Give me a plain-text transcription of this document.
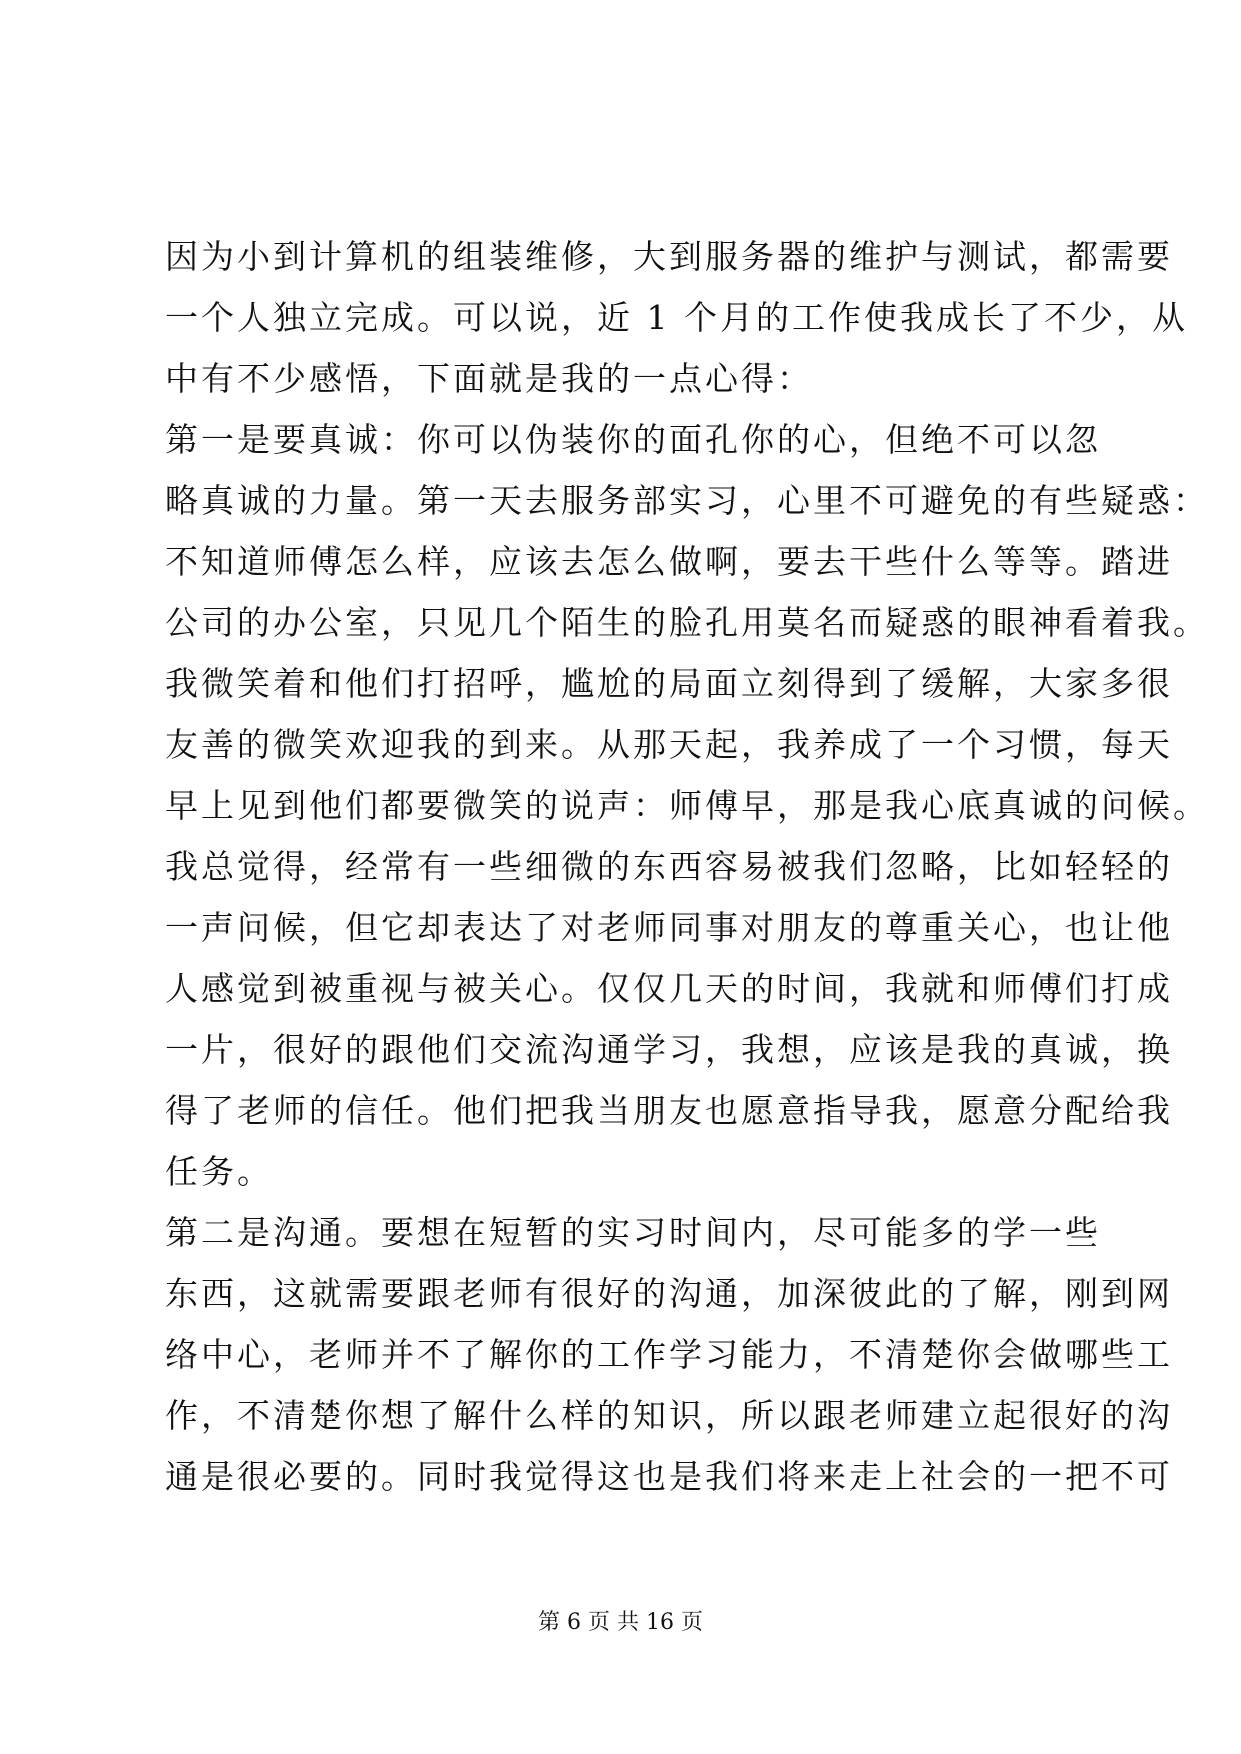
因为小到计算机的组装维修，大到服务器的维护与测试，都需要
一个人独立完成。可以说，近 1 个月的工作使我成长了不少，从
中有不少感悟，下面就是我的一点心得：
第一是要真诚：你可以伪装你的面孔你的心，但绝不可以忽
略真诚的力量。第一天去服务部实习，心里不可避免的有些疑惑：
不知道师傅怎么样，应该去怎么做啊，要去干些什么等等。踏进
公司的办公室，只见几个陌生的脸孔用莫名而疑惑的眼神看着我。
我微笑着和他们打招呼，尴尬的局面立刻得到了缓解，大家多很
友善的微笑欢迎我的到来。从那天起，我养成了一个习惯，每天
早上见到他们都要微笑的说声：师傅早，那是我心底真诚的问候。
我总觉得，经常有一些细微的东西容易被我们忽略，比如轻轻的
一声问候，但它却表达了对老师同事对朋友的尊重关心，也让他
人感觉到被重视与被关心。仅仅几天的时间，我就和师傅们打成
一片，很好的跟他们交流沟通学习，我想，应该是我的真诚，换
得了老师的信任。他们把我当朋友也愿意指导我，愿意分配给我
任务。
第二是沟通。要想在短暂的实习时间内，尽可能多的学一些
东西，这就需要跟老师有很好的沟通，加深彼此的了解，刚到网
络中心，老师并不了解你的工作学习能力，不清楚你会做哪些工
作，不清楚你想了解什么样的知识，所以跟老师建立起很好的沟
通是很必要的。同时我觉得这也是我们将来走上社会的一把不可
第 6 页 共 16 页
